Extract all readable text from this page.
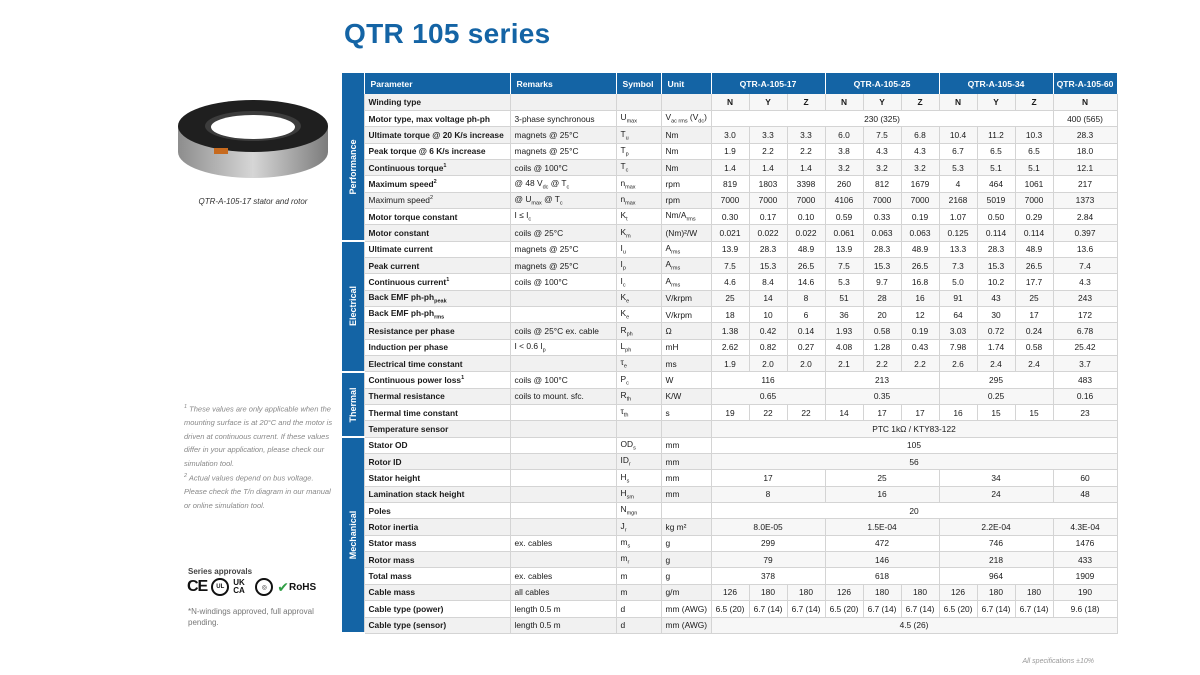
QTR 105 series
QTR-A-105-17 stator and rotor

$^1$ These values are only applicable when the mounting surface is at 20°C and the motor is driven at continuous current. If these values differ in your application, please check our simulation tool.

$^2$ Actual values depend on bus voltage. Please check the T/n diagram in our manual or online simulation tool.

Series approvals
CE	UL	UK CA	◎ ✔ RoHS
*N-windings approved, full approval pending.
	Parameter	Remarks	Symbol	Unit	QTR-A-105-17			QTR-A-105-25			QTR-A-105-34			QTR-A-105-60

Performance	Winding type				N	Y	Z	N	Y	Z	N	Y	Z	N
	Motor type, max voltage ph-ph	3-phase synchronous	$U_{max}$	$V_{ac rms}$ $(V_{dc})$	230 (325)									400 (565)
	Ultimate torque @ 20 K/s increase	magnets @ 25°C	$T_u$	Nm	3.0	3.3	3.3	6.0	7.5	6.8	10.4	11.2	10.3	28.3
	Peak torque @ 6 K/s increase	magnets @ 25°C	$T_p$	Nm	1.9	2.2	2.2	3.8	4.3	4.3	6.7	6.5	6.5	18.0
	Continuous torque$^1$	coils @ 100°C	$T_c$	Nm	1.4	1.4	1.4	3.2	3.2	3.2	5.3	5.1	5.1	12.1
	Maximum speed$^2$	@ 48 $V_{dc}$ @ $T_c$	$n_{max}$	rpm	819	1803	3398	260	812	1679	4	464	1061	217
	Maximum speed$^2$	@ $U_{max}$ @ $T_c$	$n_{max}$	rpm	7000	7000	7000	4106	7000	7000	2168	5019	7000	1373
	Motor torque constant	$I \le I_c$	$K_t$	$Nm/A_{rms}$	0.30	0.17	0.10	0.59	0.33	0.19	1.07	0.50	0.29	2.84
	Motor constant	coils @ 25°C	$K_m$	(Nm)²/W	0.021	0.022	0.022	0.061	0.063	0.063	0.125	0.114	0.114	0.397

Electrical	Ultimate current	magnets @ 25°C	$I_u$	$A_{rms}$	13.9	28.3	48.9	13.9	28.3	48.9	13.3	28.3	48.9	13.6
	Peak current	magnets @ 25°C	$I_p$	$A_{rms}$	7.5	15.3	26.5	7.5	15.3	26.5	7.3	15.3	26.5	7.4
	Continuous current$^1$	coils @ 100°C	$I_c$	$A_{rms}$	4.6	8.4	14.6	5.3	9.7	16.8	5.0	10.2	17.7	4.3
	Back EMF $ph-ph_{peak}$		$K_e$	V/krpm	25	14	8	51	28	16	91	43	25	243
	Back EMF $ph-ph_{rms}$		$K_e$	V/krpm	18	10	6	36	20	12	64	30	17	172
	Resistance per phase	coils @ 25°C ex. cable	$R_{ph}$	Ω	1.38	0.42	0.14	1.93	0.58	0.19	3.03	0.72	0.24	6.78
	Induction per phase	I < 0.6 $I_p$	$L_{ph}$	mH	2.62	0.82	0.27	4.08	1.28	0.43	7.98	1.74	0.58	25.42
	Electrical time constant		$\tau_e$	ms	1.9	2.0	2.0	2.1	2.2	2.2	2.6	2.4	2.4	3.7

Thermal	Continuous power loss$^1$	coils @ 100°C	$P_c$	W	116			213			295			483
	Thermal resistance	coils to mount. sfc.	$R_{th}$	K/W	0.65			0.35			0.25			0.16
	Thermal time constant		$\tau_{th}$	s	19	22	22	14	17	17	16	15	15	23
	Temperature sensor				PTC 1kΩ / KTY83-122									

Mechanical	Stator OD		$OD_s$	mm	105									
	Rotor ID		$ID_r$	mm	56									
	Stator height		$H_s$	mm	17			25			34			60
	Lamination stack height		$H_{sm}$	mm	8			16			24			48
	Poles		$N_{mgn}$		20									
	Rotor inertia		$J_r$	kg m²	8.0E-05			1.5E-04			2.2E-04			4.3E-04
	Stator mass	ex. cables	$m_s$	g	299			472			746			1476
	Rotor mass		$m_r$	g	79			146			218			433
	Total mass	ex. cables	m	g	378			618			964			1909
	Cable mass	all cables	m	g/m	126	180	180	126	180	180	126	180	180	190
	Cable type (power)	length 0.5 m	d	mm (AWG)	6.5 (20)	6.7 (14)	6.7 (14)	6.5 (20)	6.7 (14)	6.7 (14)	6.5 (20)	6.7 (14)	6.7 (14)	9.6 (18)
	Cable type (sensor)	length 0.5 m	d	mm (AWG)	4.5 (26)									
All specifications ±10%
